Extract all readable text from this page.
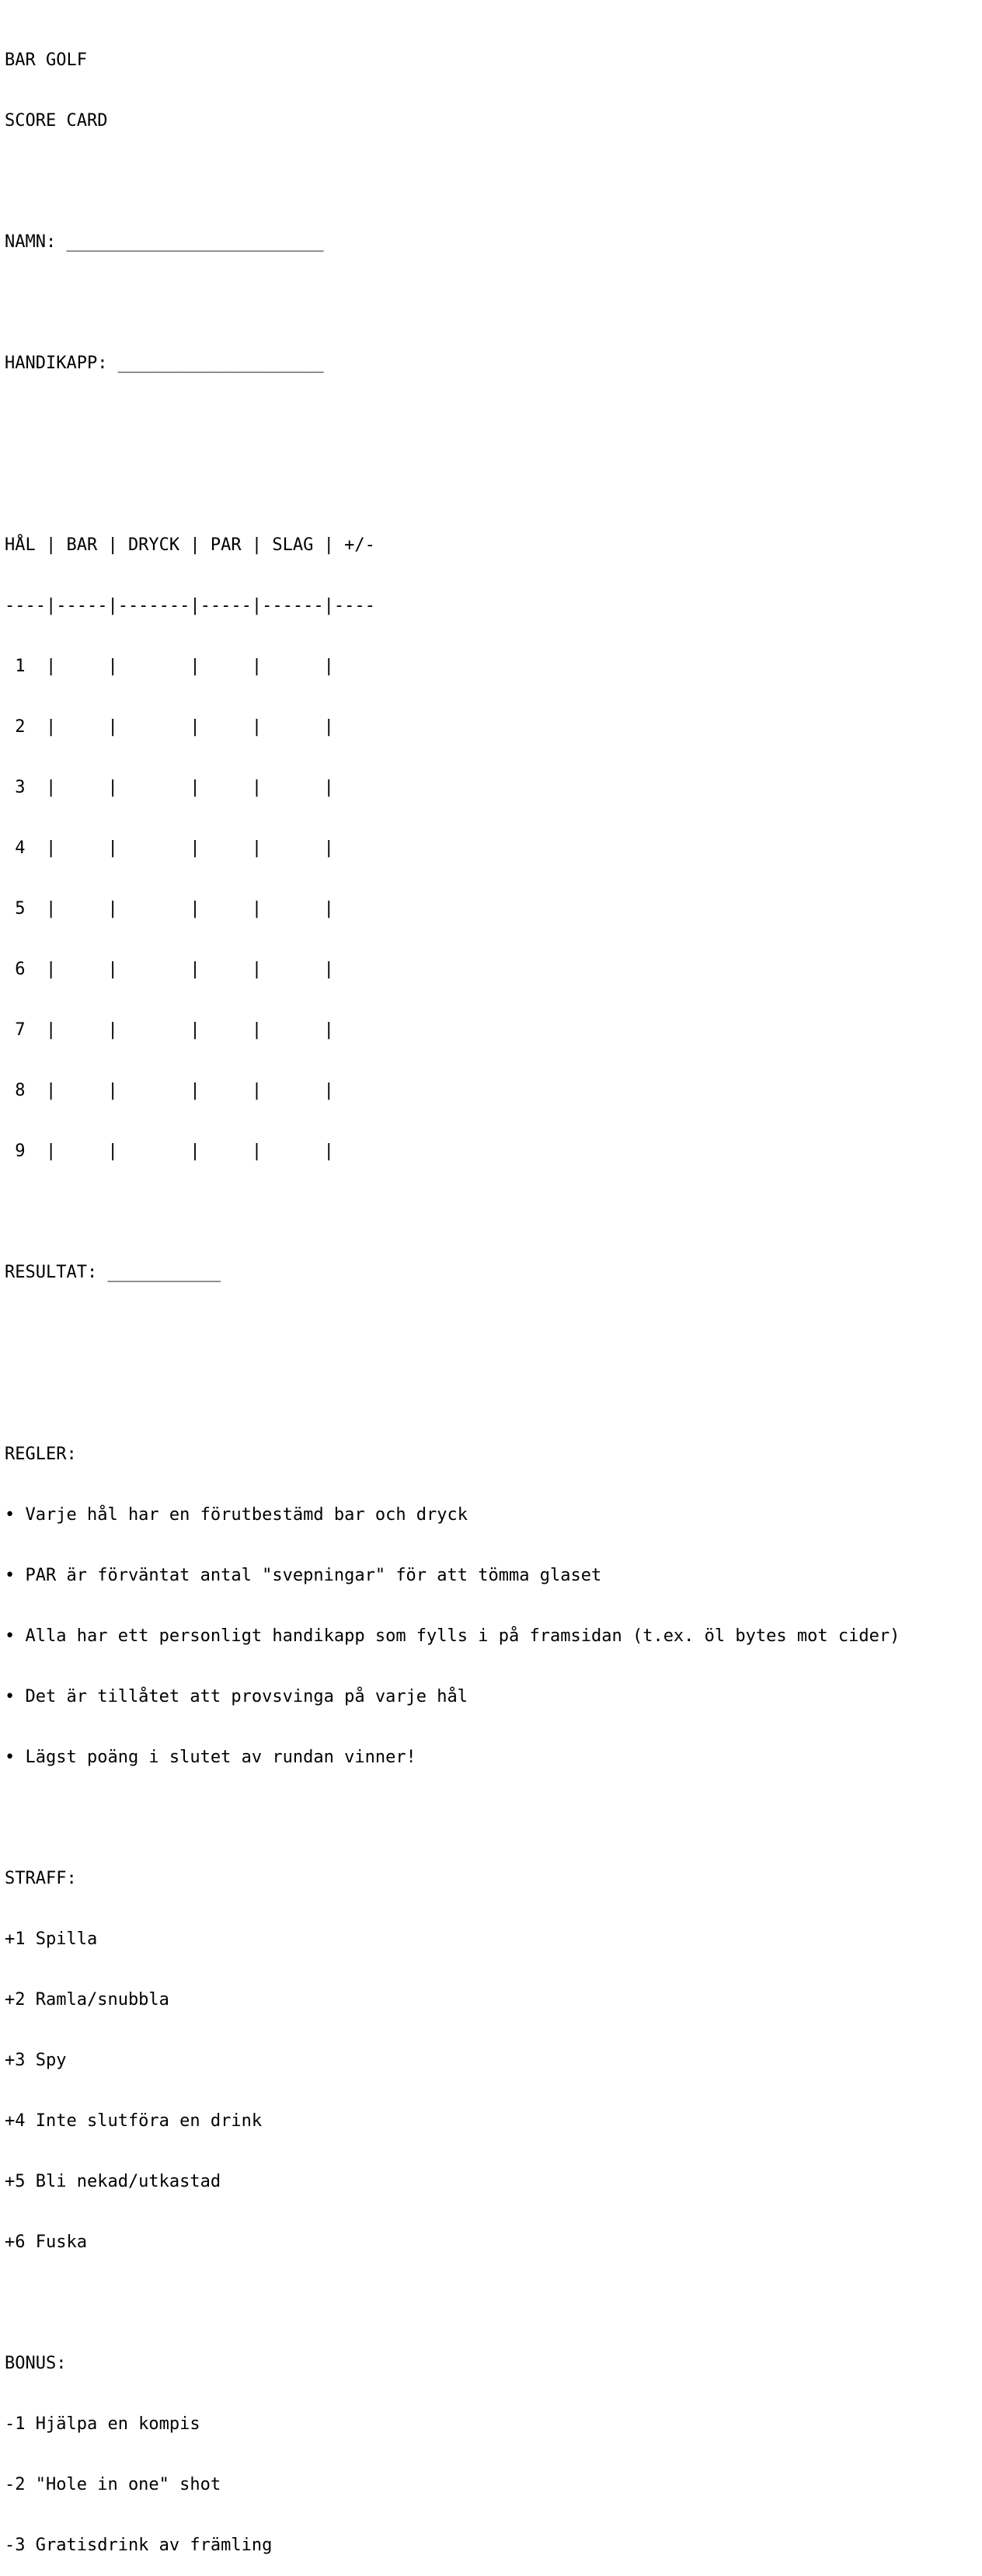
BAR GOLF

SCORE CARD

NAMN: _________________________

HANDIKAPP: ____________________

HÅL | BAR | DRYCK | PAR | SLAG | +/-

----|-----|-------|-----|------|----

1  |     |       |     |      |

2  |     |       |     |      |

3  |     |       |     |      |

4  |     |       |     |      |

5  |     |       |     |      |

6  |     |       |     |      |

7  |     |       |     |      |

8  |     |       |     |      |

9  |     |       |     |      |

RESULTAT: ___________

REGLER:

• Varje hål har en förutbestämd bar och dryck

• PAR är förväntat antal "svepningar" för att tömma glaset

• Alla har ett personligt handikapp som fylls i på framsidan (t.ex. öl bytes mot cider)

• Det är tillåtet att provsvinga på varje hål

• Lägst poäng i slutet av rundan vinner!

STRAFF:

+1 Spilla

+2 Ramla/snubbla

+3 Spy

+4 Inte slutföra en drink

+5 Bli nekad/utkastad

+6 Fuska

BONUS:

-1 Hjälpa en kompis

-2 "Hole in one" shot

-3 Gratisdrink av främling
